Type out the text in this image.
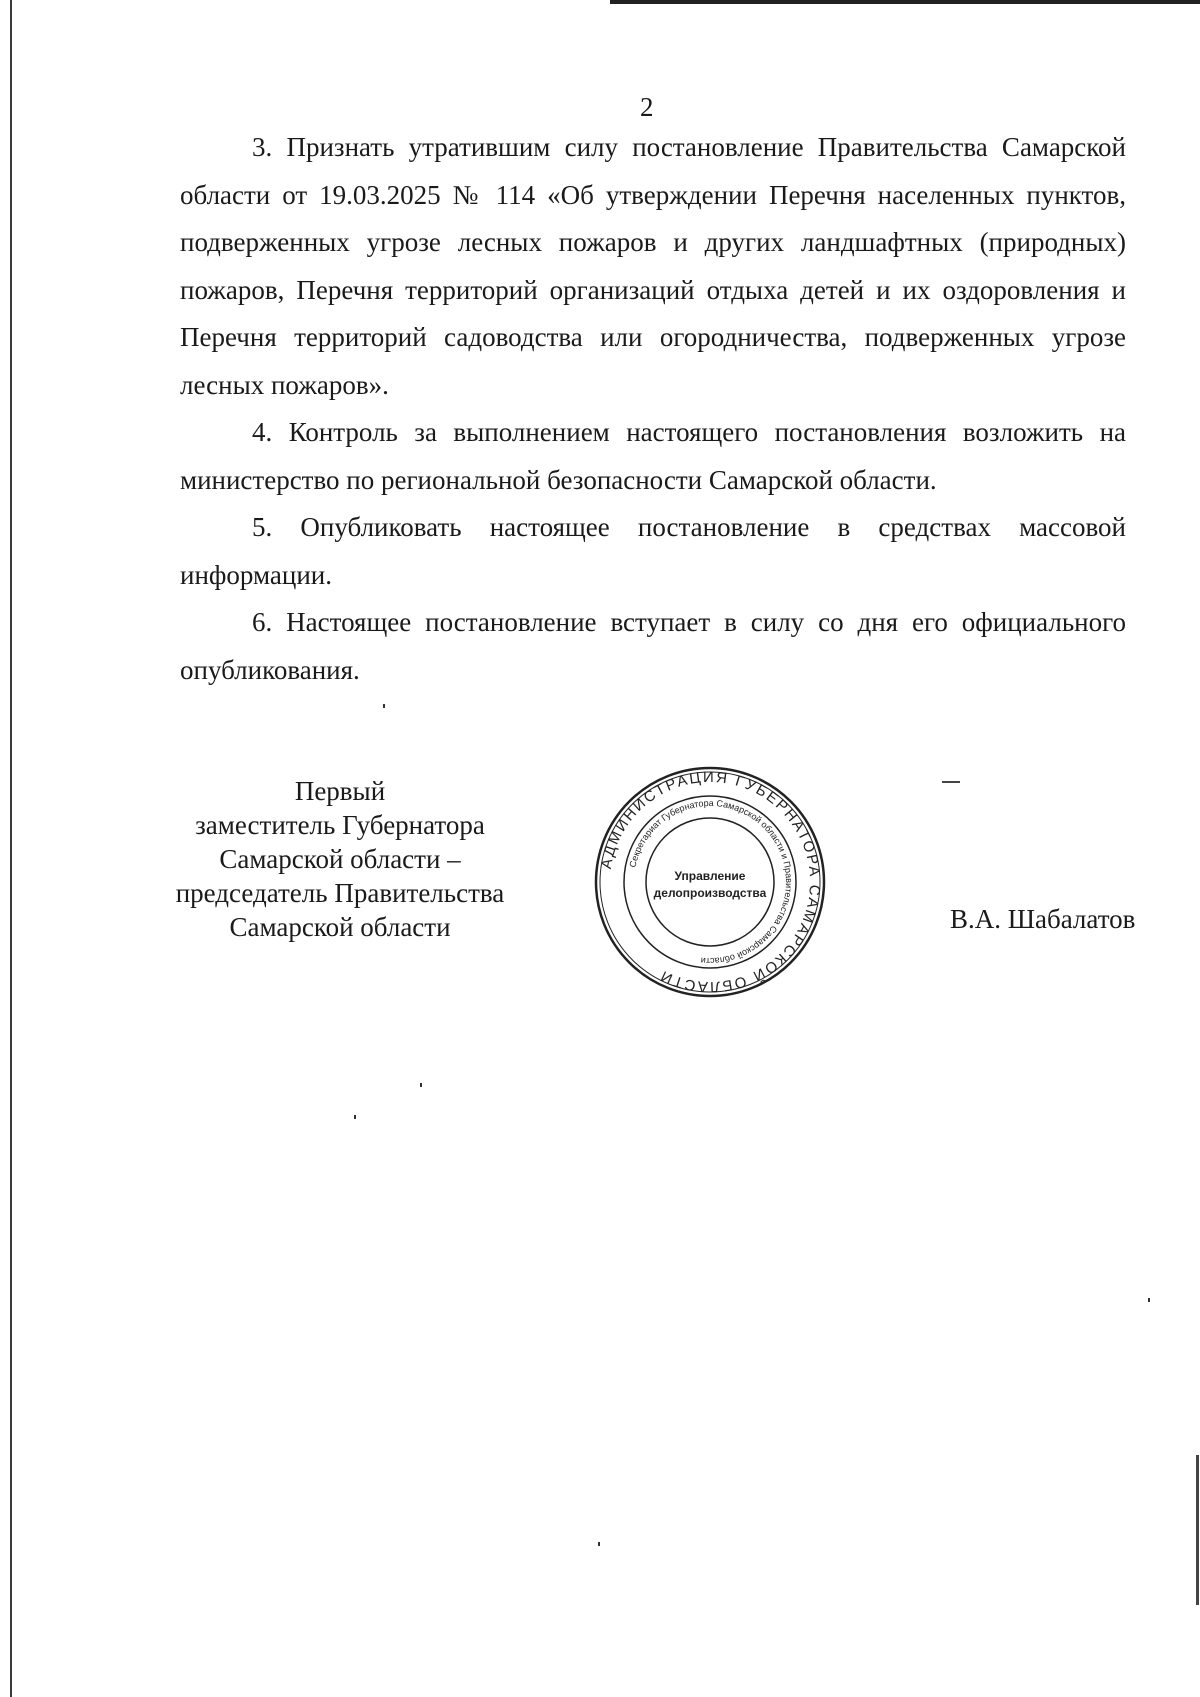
2

3. Признать утратившим силу постановление Правительства Самарской области от 19.03.2025 № 114 «Об утверждении Перечня населенных пунктов, подверженных угрозе лесных пожаров и других ландшафтных (природных) пожаров, Перечня территорий организаций отдыха детей и их оздоровления и Перечня территорий садоводства или огородничества, подверженных угрозе лесных пожаров».

4. Контроль за выполнением настоящего постановления возложить на министерство по региональной безопасности Самарской области.

5. Опубликовать настоящее постановление в средствах массовой информации.

6. Настоящее постановление вступает в силу со дня его официального опубликования.

Первый
заместитель Губернатора
Самарской области –
председатель Правительства
Самарской области
АДМИНИСТРАЦИЯ ГУБЕРНАТОРА САМАРСКОЙ ОБЛАСТИ
Секретариат Губернатора Самарской области и Правительства Самарской области
Управление
делопроизводства
В.А. Шабалатов
